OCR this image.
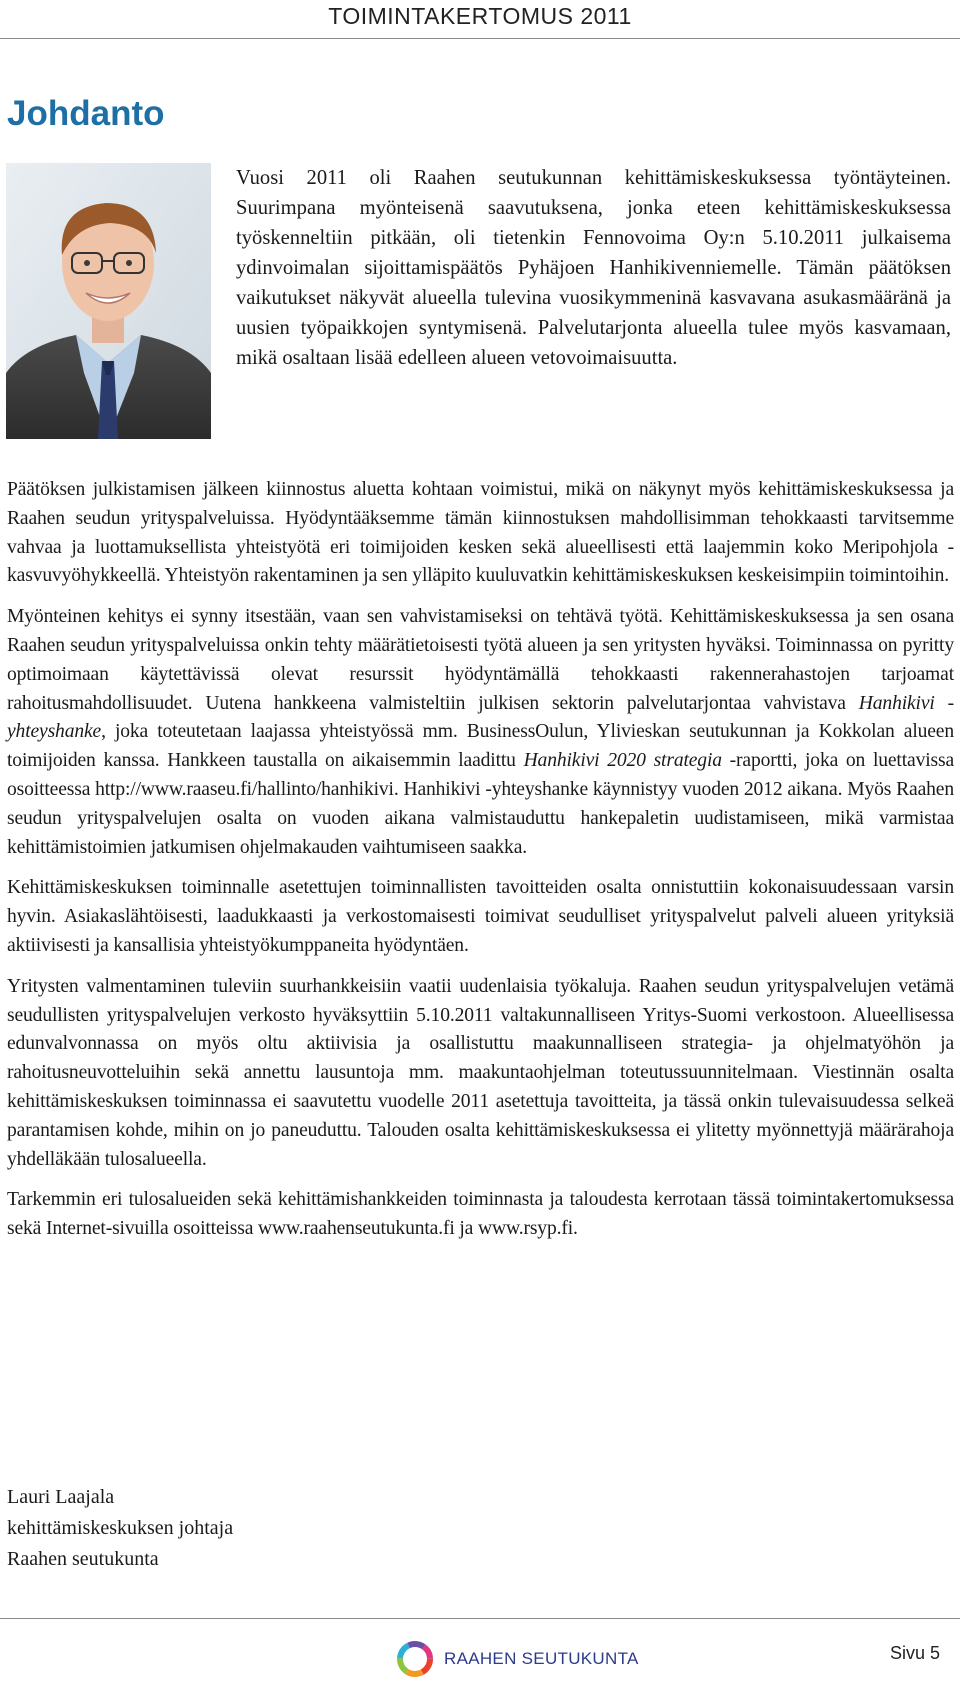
TOIMINTAKERTOMUS 2011
Johdanto

Vuosi 2011 oli Raahen seutukunnan kehittämiskeskuksessa työntäyteinen. Suurimpana myönteisenä saavutuksena, jonka eteen kehittämiskeskuksessa työskenneltiin pitkään, oli tietenkin Fennovoima Oy:n 5.10.2011 julkaisema ydinvoimalan sijoittamispäätös Pyhäjoen Hanhikivenniemelle. Tämän päätöksen vaikutukset näkyvät alueella tulevina vuosikymmeninä kasvavana asukasmääränä ja uusien työpaikkojen syntymisenä. Palvelutarjonta alueella tulee myös kasvamaan, mikä osaltaan lisää edelleen alueen vetovoimaisuutta.

Päätöksen julkistamisen jälkeen kiinnostus aluetta kohtaan voimistui, mikä on näkynyt myös kehittämiskeskuksessa ja Raahen seudun yrityspalveluissa. Hyödyntääksemme tämän kiinnostuksen mahdollisimman tehokkaasti tarvitsemme vahvaa ja luottamuksellista yhteistyötä eri toimijoiden kesken sekä alueellisesti että laajemmin koko Meripohjola -kasvuvyöhykkeellä. Yhteistyön rakentaminen ja sen ylläpito kuuluvatkin kehittämiskeskuksen keskeisimpiin toimintoihin.

Myönteinen kehitys ei synny itsestään, vaan sen vahvistamiseksi on tehtävä työtä. Kehittämiskeskuksessa ja sen osana Raahen seudun yrityspalveluissa onkin tehty määrätietoisesti työtä alueen ja sen yritysten hyväksi. Toiminnassa on pyritty optimoimaan käytettävissä olevat resurssit hyödyntämällä tehokkaasti rakennerahastojen tarjoamat rahoitusmahdollisuudet. Uutena hankkeena valmisteltiin julkisen sektorin palvelutarjontaa vahvistava Hanhikivi -yhteyshanke, joka toteutetaan laajassa yhteistyössä mm. BusinessOulun, Ylivieskan seutukunnan ja Kokkolan alueen toimijoiden kanssa. Hankkeen taustalla on aikaisemmin laadittu Hanhikivi 2020 strategia -raportti, joka on luettavissa osoitteessa http://www.raaseu.fi/hallinto/hanhikivi. Hanhikivi -yhteyshanke käynnistyy vuoden 2012 aikana. Myös Raahen seudun yrityspalvelujen osalta on vuoden aikana valmistauduttu hankepaletin uudistamiseen, mikä varmistaa kehittämistoimien jatkumisen ohjelmakauden vaihtumiseen saakka.

Kehittämiskeskuksen toiminnalle asetettujen toiminnallisten tavoitteiden osalta onnistuttiin kokonaisuudessaan varsin hyvin. Asiakaslähtöisesti, laadukkaasti ja verkostomaisesti toimivat seudulliset yrityspalvelut palveli alueen yrityksiä aktiivisesti ja kansallisia yhteistyökumppaneita hyödyntäen.

Yritysten valmentaminen tuleviin suurhankkeisiin vaatii uudenlaisia työkaluja. Raahen seudun yrityspalvelujen vetämä seudullisten yrityspalvelujen verkosto hyväksyttiin 5.10.2011 valtakunnalliseen Yritys-Suomi verkostoon. Alueellisessa edunvalvonnassa on myös oltu aktiivisia ja osallistuttu maakunnalliseen strategia- ja ohjelmatyöhön ja rahoitusneuvotteluihin sekä annettu lausuntoja mm. maakuntaohjelman toteutussuunnitelmaan. Viestinnän osalta kehittämiskeskuksen toiminnassa ei saavutettu vuodelle 2011 asetettuja tavoitteita, ja tässä onkin tulevaisuudessa selkeä parantamisen kohde, mihin on jo paneuduttu. Talouden osalta kehittämiskeskuksessa ei ylitetty myönnettyjä määrärahoja yhdelläkään tulosalueella.

Tarkemmin eri tulosalueiden sekä kehittämishankkeiden toiminnasta ja taloudesta kerrotaan tässä toimintakertomuksessa sekä Internet-sivuilla osoitteissa www.raahenseutukunta.fi ja www.rsyp.fi.

Lauri Laajala
kehittämiskeskuksen johtaja
Raahen seutukunta
RAAHEN SEUTUKUNTA	Sivu 5
